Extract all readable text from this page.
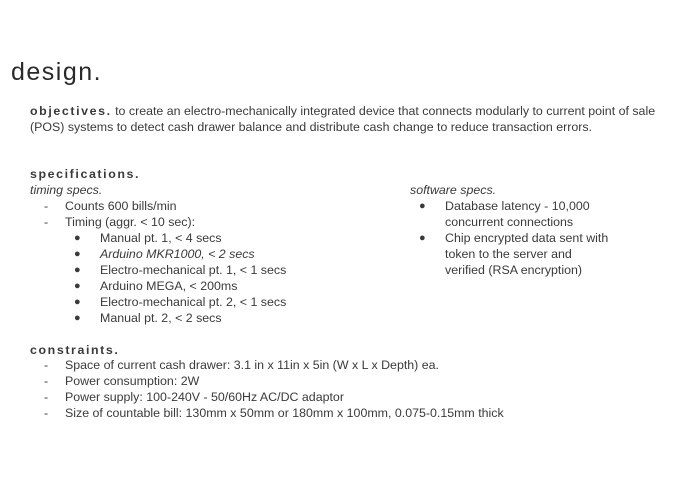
design.
objectives. to create an electro-mechanically integrated device that connects modularly to current point of sale (POS) systems to detect cash drawer balance and distribute cash change to reduce transaction errors.
specifications.
timing specs.
- Counts 600 bills/min
- Timing (aggr. < 10 sec):
● Manual pt. 1, < 4 secs
● Arduino MKR1000, < 2 secs
● Electro-mechanical pt. 1, < 1 secs
● Arduino MEGA, < 200ms
● Electro-mechanical pt. 2, < 1 secs
● Manual pt. 2, < 2 secs
software specs.
● Database latency - 10,000
concurrent connections
● Chip encrypted data sent with
token to the server and
verified (RSA encryption)
constraints.
- Space of current cash drawer: 3.1 in x 11in x 5in (W x L x Depth) ea.
- Power consumption: 2W
- Power supply: 100-240V - 50/60Hz AC/DC adaptor
- Size of countable bill: 130mm x 50mm or 180mm x 100mm, 0.075-0.15mm thick
